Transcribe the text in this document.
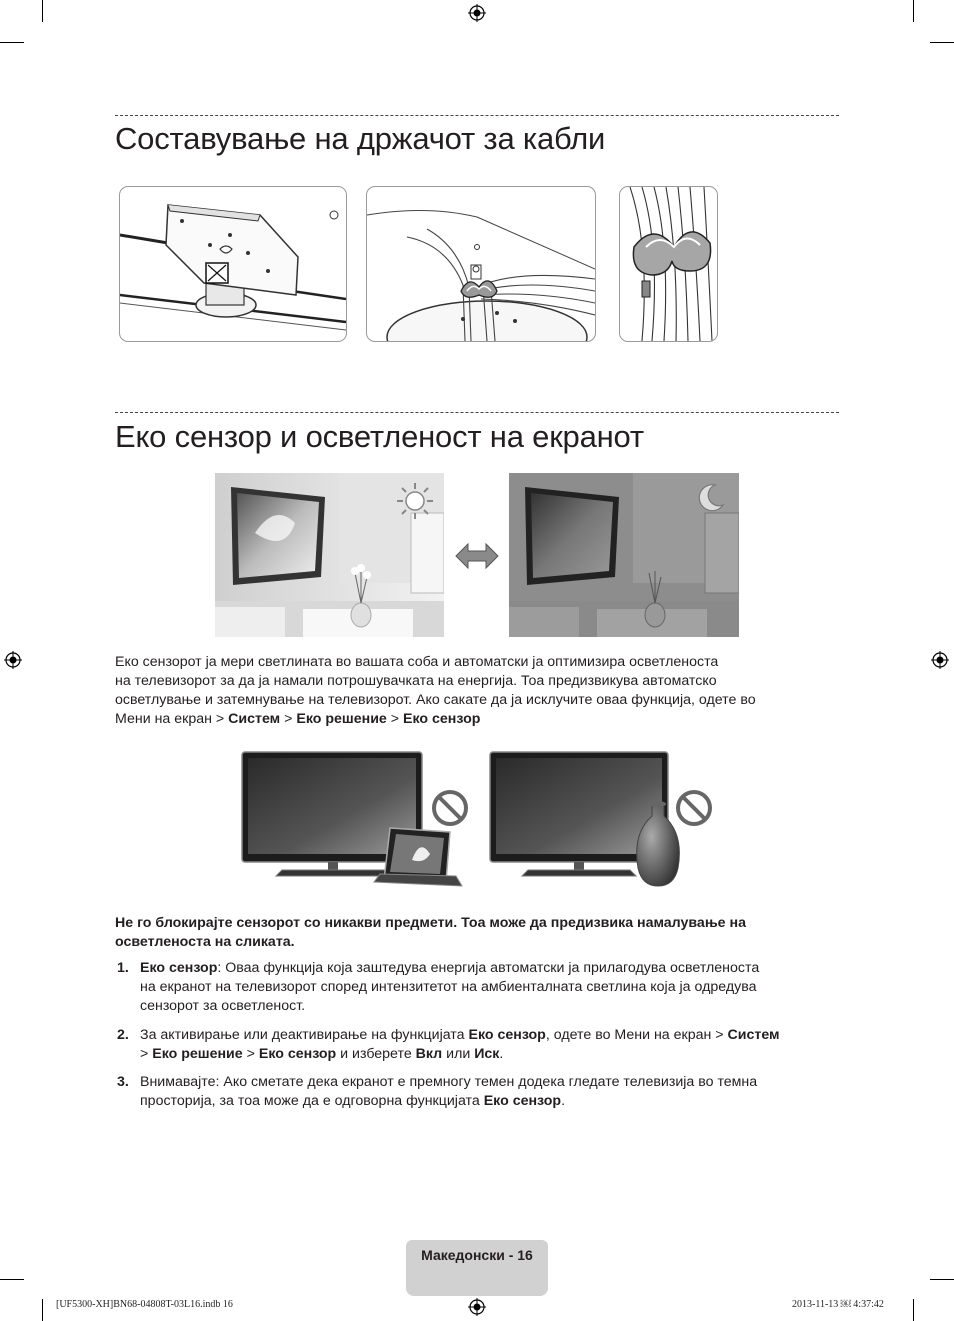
Составување на држачот за кабли
Еко сензор и осветленост на екранот
Еко сензорот ја мери светлината во вашата соба и автоматски ја оптимизира осветленоста
на телевизорот за да ја намали потрошувачката на енергија. Тоа предизвикува автоматско
осветлување и затемнување на телевизорот. Ако сакате да ја исклучите оваа функција, одете во
Мени на екран > Систем > Еко решение > Еко сензор
Не го блокирајте сензорот со никакви предмети. Тоа може да предизвика намалување на
осветленоста на сликата.
1. Еко сензор: Оваа функција која заштедува енергија автоматски ја прилагодува осветленоста
на екранот на телевизорот според интензитетот на амбиенталната светлина која ја одредува
сензорот за осветленост.
2. За активирање или деактивирање на функцијата Еко сензор, одете во Мени на екран > Систем
> Еко решение > Еко сензор и изберете Вкл или Иск.
3. Внимавајте: Ако сметате дека екранот е премногу темен додека гледате телевизија во темна
просторија, за тоа може да е одговорна функцијата Еко сензор.
Македонски - 16
[UF5300-XH]BN68-04808T-03L16.indb 16	2013-11-13 ￼ 4:37:42
